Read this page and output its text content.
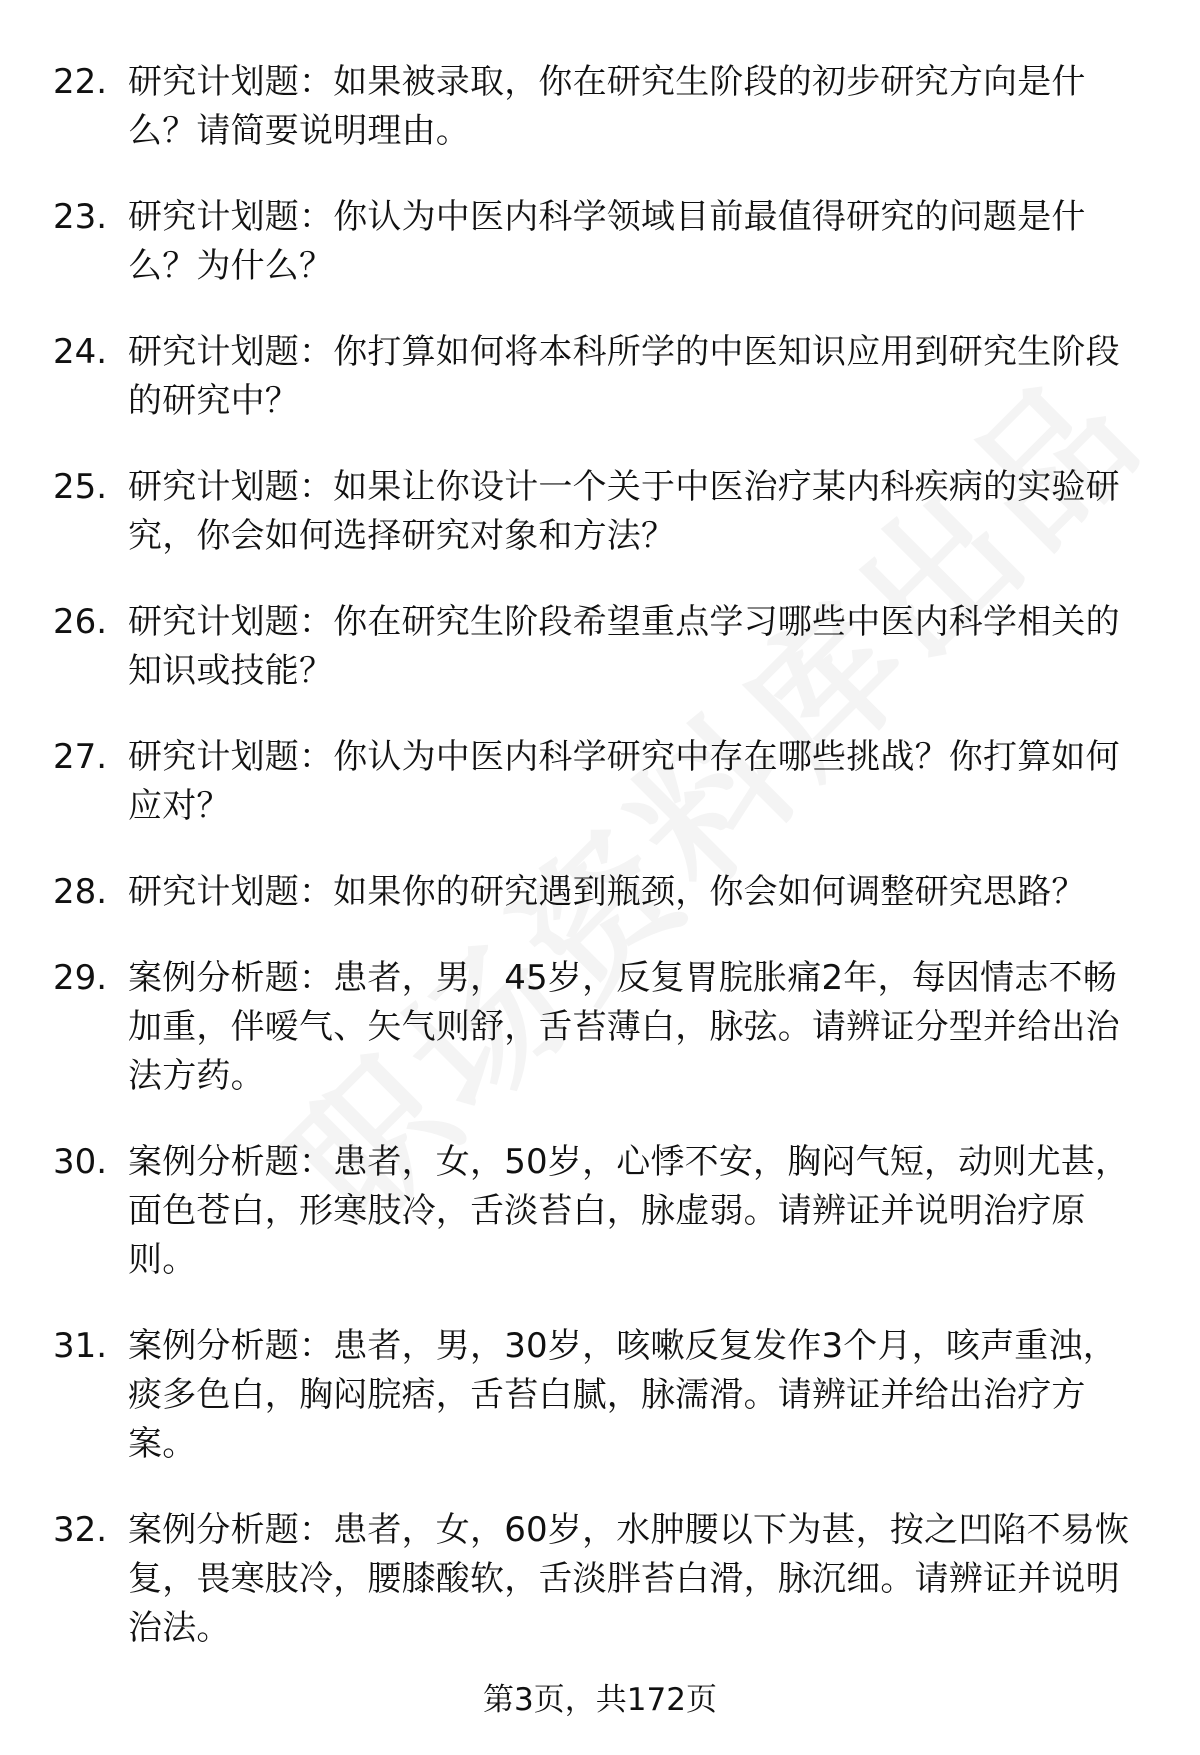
22. 研究计划题：如果被录取，你在研究生阶段的初步研究方向是什么？请简要说明理由。
23. 研究计划题：你认为中医内科学领域目前最值得研究的问题是什么？为什么？
24. 研究计划题：你打算如何将本科所学的中医知识应用到研究生阶段的研究中？
25. 研究计划题：如果让你设计一个关于中医治疗某内科疾病的实验研究，你会如何选择研究对象和方法？
26. 研究计划题：你在研究生阶段希望重点学习哪些中医内科学相关的知识或技能？
27. 研究计划题：你认为中医内科学研究中存在哪些挑战？你打算如何应对？
28. 研究计划题：如果你的研究遇到瓶颈，你会如何调整研究思路？
29. 案例分析题：患者，男，45岁，反复胃脘胀痛2年，每因情志不畅加重，伴嗳气、矢气则舒，舌苔薄白，脉弦。请辨证分型并给出治法方药。
30. 案例分析题：患者，女，50岁，心悸不安，胸闷气短，动则尤甚，面色苍白，形寒肢冷，舌淡苔白，脉虚弱。请辨证并说明治疗原则。
31. 案例分析题：患者，男，30岁，咳嗽反复发作3个月，咳声重浊，痰多色白，胸闷脘痞，舌苔白腻，脉濡滑。请辨证并给出治疗方案。
32. 案例分析题：患者，女，60岁，水肿腰以下为甚，按之凹陷不易恢复，畏寒肢冷，腰膝酸软，舌淡胖苔白滑，脉沉细。请辨证并说明治法。
第3页，共172页
